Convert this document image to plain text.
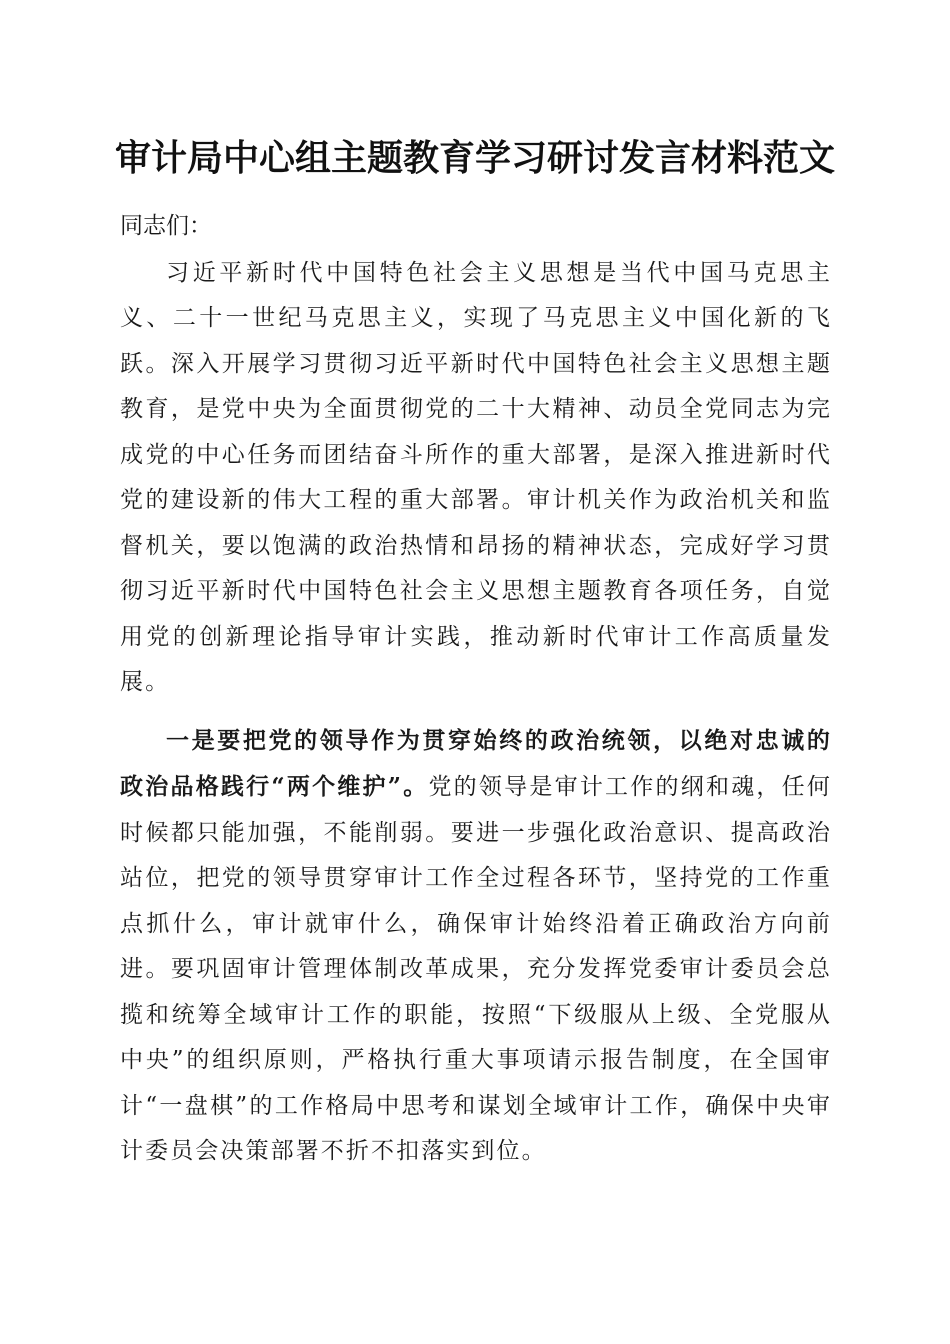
审计局中心组主题教育学习研讨发言材料范文

同志们：

习近平新时代中国特色社会主义思想是当代中国马克思主义、二十一世纪马克思主义，实现了马克思主义中国化新的飞跃。深入开展学习贯彻习近平新时代中国特色社会主义思想主题教育，是党中央为全面贯彻党的二十大精神、动员全党同志为完成党的中心任务而团结奋斗所作的重大部署，是深入推进新时代党的建设新的伟大工程的重大部署。审计机关作为政治机关和监督机关，要以饱满的政治热情和昂扬的精神状态，完成好学习贯彻习近平新时代中国特色社会主义思想主题教育各项任务，自觉用党的创新理论指导审计实践，推动新时代审计工作高质量发展。

一是要把党的领导作为贯穿始终的政治统领，以绝对忠诚的政治品格践行“两个维护”。党的领导是审计工作的纲和魂，任何时候都只能加强，不能削弱。要进一步强化政治意识、提高政治站位，把党的领导贯穿审计工作全过程各环节，坚持党的工作重点抓什么，审计就审什么，确保审计始终沿着正确政治方向前进。要巩固审计管理体制改革成果，充分发挥党委审计委员会总揽和统筹全域审计工作的职能，按照“下级服从上级、全党服从中央”的组织原则，严格执行重大事项请示报告制度，在全国审计“一盘棋”的工作格局中思考和谋划全域审计工作，确保中央审计委员会决策部署不折不扣落实到位。
